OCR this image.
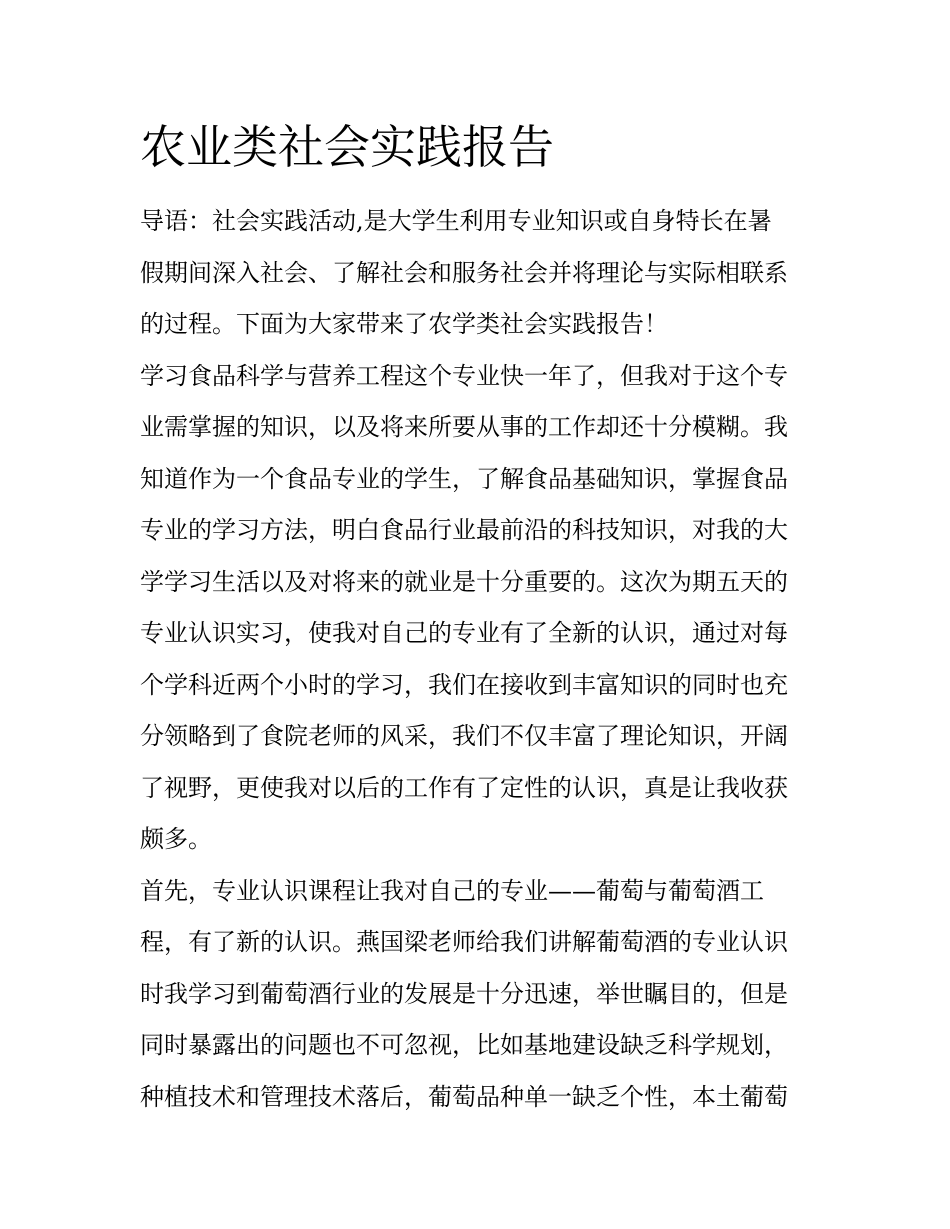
农业类社会实践报告
导语：社会实践活动,是大学生利用专业知识或自身特长在暑
假期间深入社会、了解社会和服务社会并将理论与实际相联系
的过程。下面为大家带来了农学类社会实践报告！
学习食品科学与营养工程这个专业快一年了，但我对于这个专
业需掌握的知识，以及将来所要从事的工作却还十分模糊。我
知道作为一个食品专业的学生，了解食品基础知识，掌握食品
专业的学习方法，明白食品行业最前沿的科技知识，对我的大
学学习生活以及对将来的就业是十分重要的。这次为期五天的
专业认识实习，使我对自己的专业有了全新的认识，通过对每
个学科近两个小时的学习，我们在接收到丰富知识的同时也充
分领略到了食院老师的风采，我们不仅丰富了理论知识，开阔
了视野，更使我对以后的工作有了定性的认识，真是让我收获
颇多。
首先，专业认识课程让我对自己的专业——葡萄与葡萄酒工
程，有了新的认识。燕国梁老师给我们讲解葡萄酒的专业认识
时我学习到葡萄酒行业的发展是十分迅速，举世瞩目的，但是
同时暴露出的问题也不可忽视，比如基地建设缺乏科学规划，
种植技术和管理技术落后，葡萄品种单一缺乏个性，本土葡萄
